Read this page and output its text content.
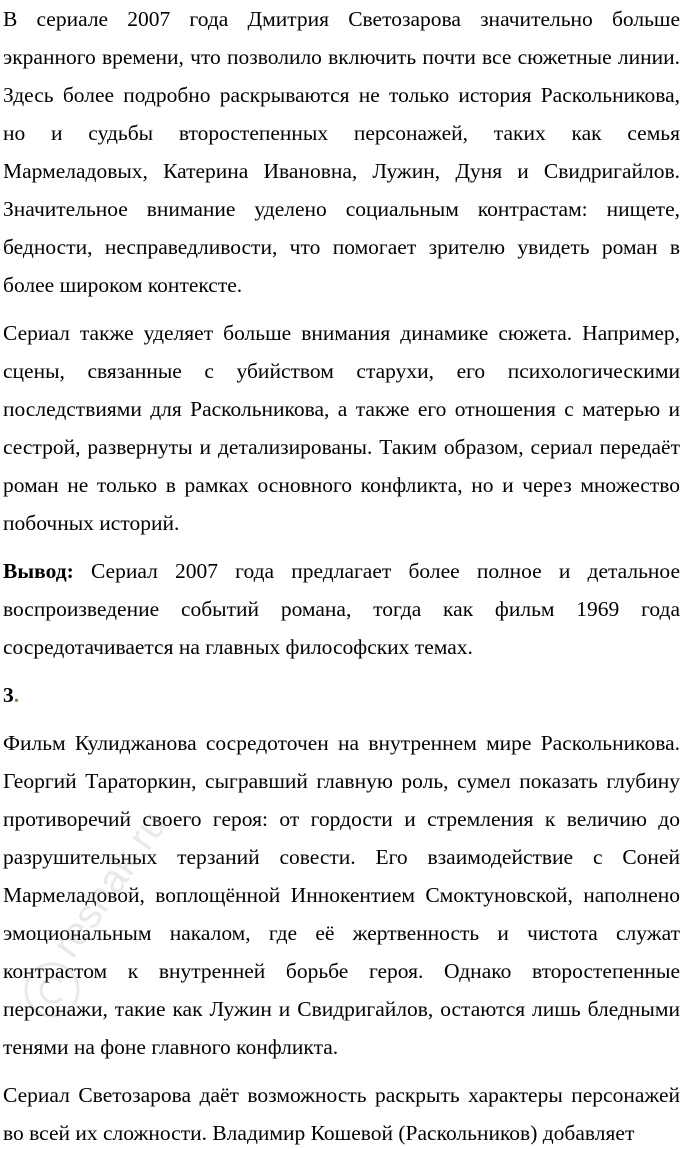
В сериале 2007 года Дмитрия Светозарова значительно больше экранного времени, что позволило включить почти все сюжетные линии. Здесь более подробно раскрываются не только история Раскольникова, но и судьбы второстепенных персонажей, таких как семья Мармеладовых, Катерина Ивановна, Лужин, Дуня и Свидригайлов. Значительное внимание уделено социальным контрастам: нищете, бедности, несправедливости, что помогает зрителю увидеть роман в более широком контексте.

Сериал также уделяет больше внимания динамике сюжета. Например, сцены, связанные с убийством старухи, его психологическими последствиями для Раскольникова, а также его отношения с матерью и сестрой, развернуты и детализированы. Таким образом, сериал передаёт роман не только в рамках основного конфликта, но и через множество побочных историй.

Вывод: Сериал 2007 года предлагает более полное и детальное воспроизведение событий романа, тогда как фильм 1969 года сосредотачивается на главных философских темах.

3.

Фильм Кулиджанова сосредоточен на внутреннем мире Раскольникова. Георгий Тараторкин, сыгравший главную роль, сумел показать глубину противоречий своего героя: от гордости и стремления к величию до разрушительных терзаний совести. Его взаимодействие с Соней Мармеладовой, воплощённой Иннокентием Смоктуновской, наполнено эмоциональным накалом, где её жертвенность и чистота служат контрастом к внутренней борьбе героя. Однако второстепенные персонажи, такие как Лужин и Свидригайлов, остаются лишь бледными тенями на фоне главного конфликта.

Сериал Светозарова даёт возможность раскрыть характеры персонажей во всей их сложности. Владимир Кошевой (Раскольников) добавляет

reshak.ru
